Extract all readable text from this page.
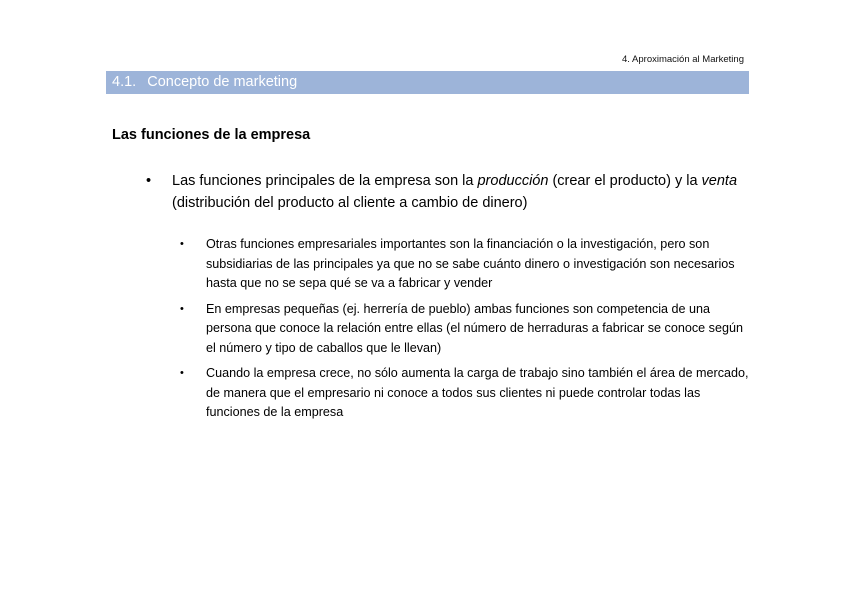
4. Aproximación al Marketing
4.1. Concepto de marketing
Las funciones de la empresa
• Las funciones principales de la empresa son la producción (crear el producto) y la venta (distribución del producto al cliente a cambio de dinero)
• Otras funciones empresariales importantes son la financiación o la investigación, pero son subsidiarias de las principales ya que no se sabe cuánto dinero o investigación son necesarios hasta que no se sepa qué se va a fabricar y vender
• En empresas pequeñas (ej. herrería de pueblo) ambas funciones son competencia de una persona que conoce la relación entre ellas (el número de herraduras a fabricar se conoce según el número y tipo de caballos que le llevan)
• Cuando la empresa crece, no sólo aumenta la carga de trabajo sino también el área de mercado, de manera que el empresario ni conoce a todos sus clientes ni puede controlar todas las funciones de la empresa
